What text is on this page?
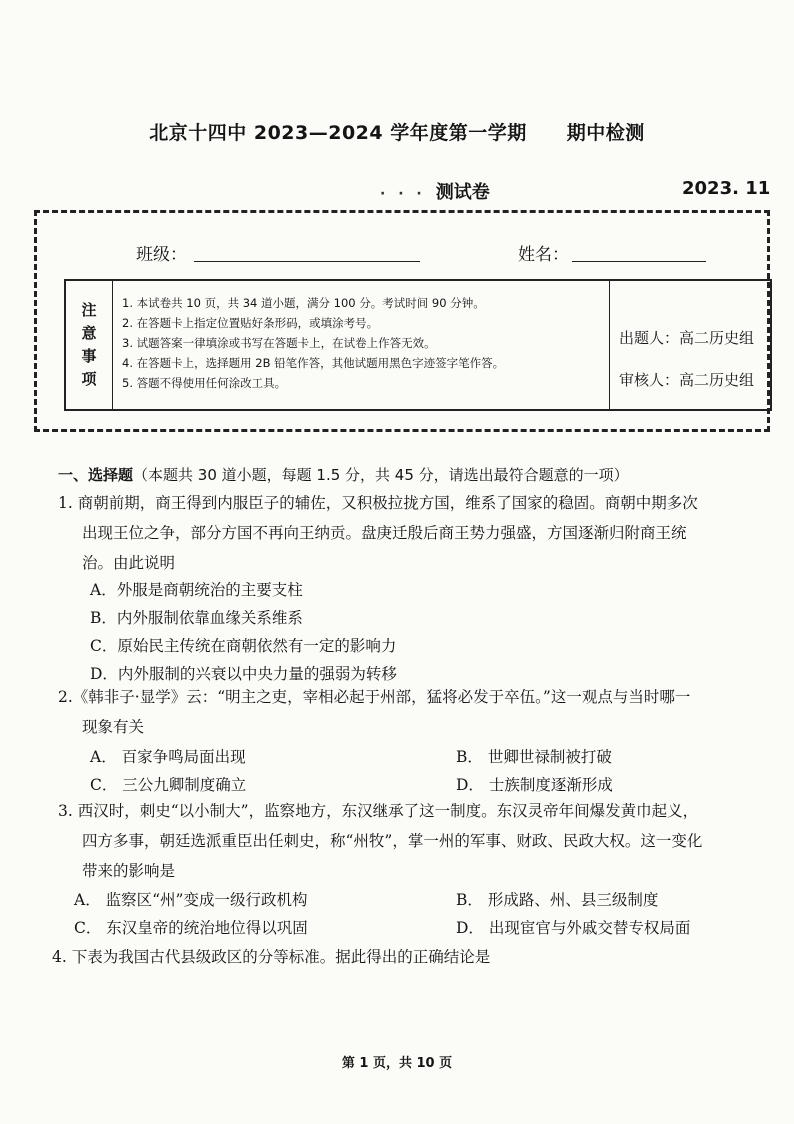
北京十四中 2023—2024 学年度第一学期 期中检测
· · · 测试卷	2023. 11
班级：	姓名：
注
意
事
项
1. 本试卷共 10 页，共 34 道小题，满分 100 分。考试时间 90 分钟。
2. 在答题卡上指定位置贴好条形码，或填涂考号。
3. 试题答案一律填涂或书写在答题卡上，在试卷上作答无效。
4. 在答题卡上，选择题用 2B 铅笔作答，其他试题用黑色字迹签字笔作答。
5. 答题不得使用任何涂改工具。
出题人：高二历史组
审核人：高二历史组
一、选择题（本题共 30 道小题，每题 1.5 分，共 45 分，请选出最符合题意的一项）
1. 商朝前期，商王得到内服臣子的辅佐，又积极拉拢方国，维系了国家的稳固。商朝中期多次
出现王位之争，部分方国不再向王纳贡。盘庚迁殷后商王势力强盛，方国逐渐归附商王统
治。由此说明
A．外服是商朝统治的主要支柱
B．内外服制依靠血缘关系维系
C．原始民主传统在商朝依然有一定的影响力
D．内外服制的兴衰以中央力量的强弱为转移
2.《韩非子·显学》云：“明主之吏，宰相必起于州部，猛将必发于卒伍。”这一观点与当时哪一
现象有关
A． 百家争鸣局面出现	B． 世卿世禄制被打破
C． 三公九卿制度确立	D． 士族制度逐渐形成
3. 西汉时，刺史“以小制大”，监察地方，东汉继承了这一制度。东汉灵帝年间爆发黄巾起义，
四方多事，朝廷选派重臣出任刺史，称“州牧”，掌一州的军事、财政、民政大权。这一变化
带来的影响是
A． 监察区“州”变成一级行政机构	B． 形成路、州、县三级制度
C． 东汉皇帝的统治地位得以巩固	D． 出现宦官与外戚交替专权局面
4. 下表为我国古代县级政区的分等标准。据此得出的正确结论是
第 1 页，共 10 页
